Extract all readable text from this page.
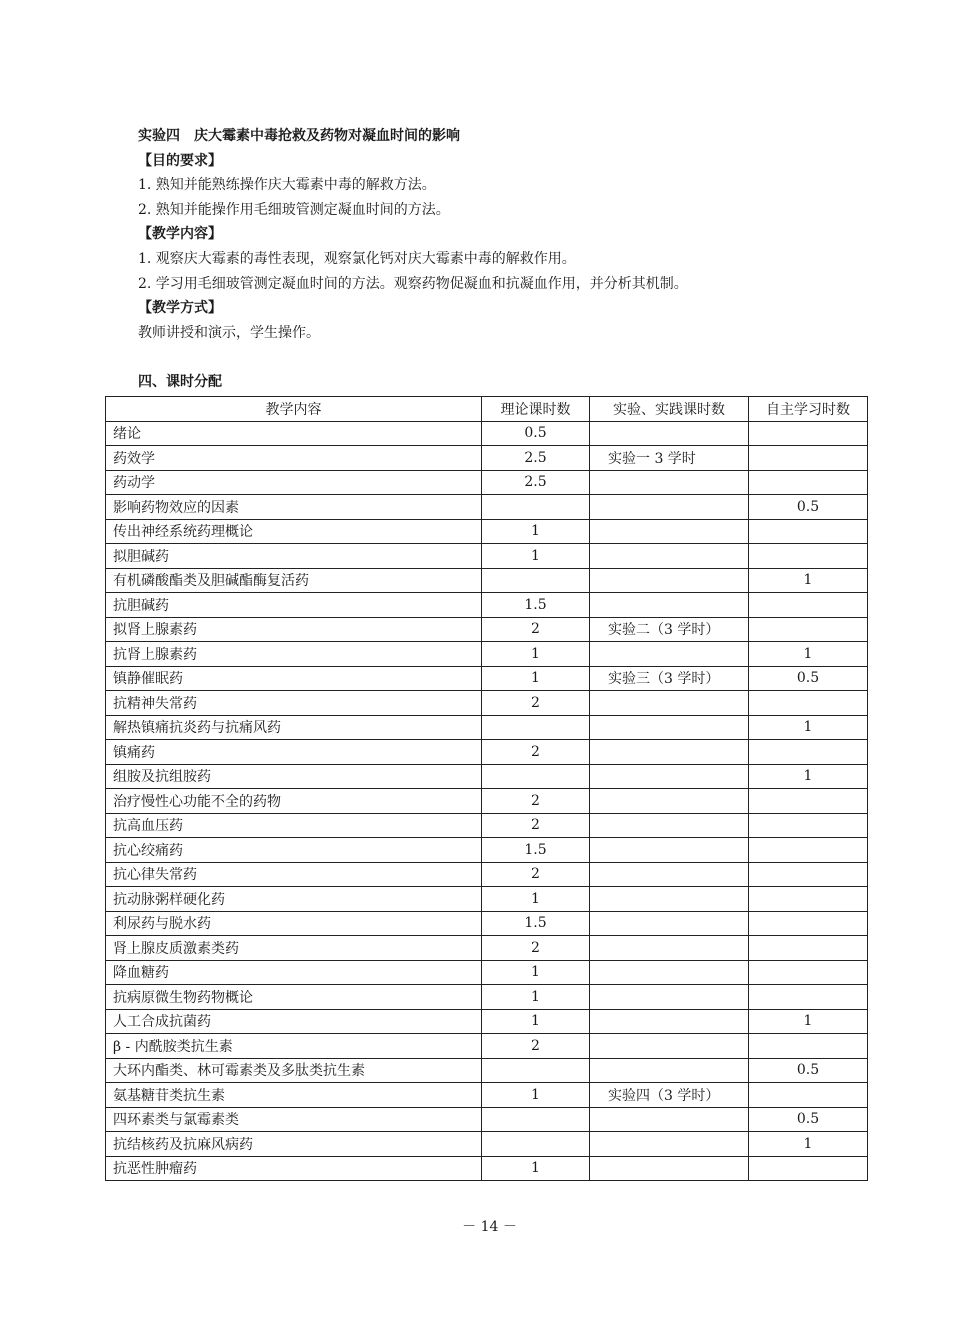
实验四　庆大霉素中毒抢救及药物对凝血时间的影响
【目的要求】
1. 熟知并能熟练操作庆大霉素中毒的解救方法。
2. 熟知并能操作用毛细玻管测定凝血时间的方法。
【教学内容】
1. 观察庆大霉素的毒性表现，观察氯化钙对庆大霉素中毒的解救作用。
2. 学习用毛细玻管测定凝血时间的方法。观察药物促凝血和抗凝血作用，并分析其机制。
【教学方式】
教师讲授和演示，学生操作。
四、课时分配
教学内容	理论课时数	实验、实践课时数	自主学习时数
绪论	0.5		
药效学	2.5	实验一 3 学时	
药动学	2.5		
影响药物效应的因素			0.5
传出神经系统药理概论	1		
拟胆碱药	1		
有机磷酸酯类及胆碱酯酶复活药			1
抗胆碱药	1.5		
拟肾上腺素药	2	实验二（3 学时）	
抗肾上腺素药	1		1
镇静催眠药	1	实验三（3 学时）	0.5
抗精神失常药	2		
解热镇痛抗炎药与抗痛风药			1
镇痛药	2		
组胺及抗组胺药			1
治疗慢性心功能不全的药物	2		
抗高血压药	2		
抗心绞痛药	1.5		
抗心律失常药	2		
抗动脉粥样硬化药	1		
利尿药与脱水药	1.5		
肾上腺皮质激素类药	2		
降血糖药	1		
抗病原微生物药物概论	1		
人工合成抗菌药	1		1
β - 内酰胺类抗生素	2		
大环内酯类、林可霉素类及多肽类抗生素			0.5
氨基糖苷类抗生素	1	实验四（3 学时）	
四环素类与氯霉素类			0.5
抗结核药及抗麻风病药			1
抗恶性肿瘤药	1		
－ 14 －
